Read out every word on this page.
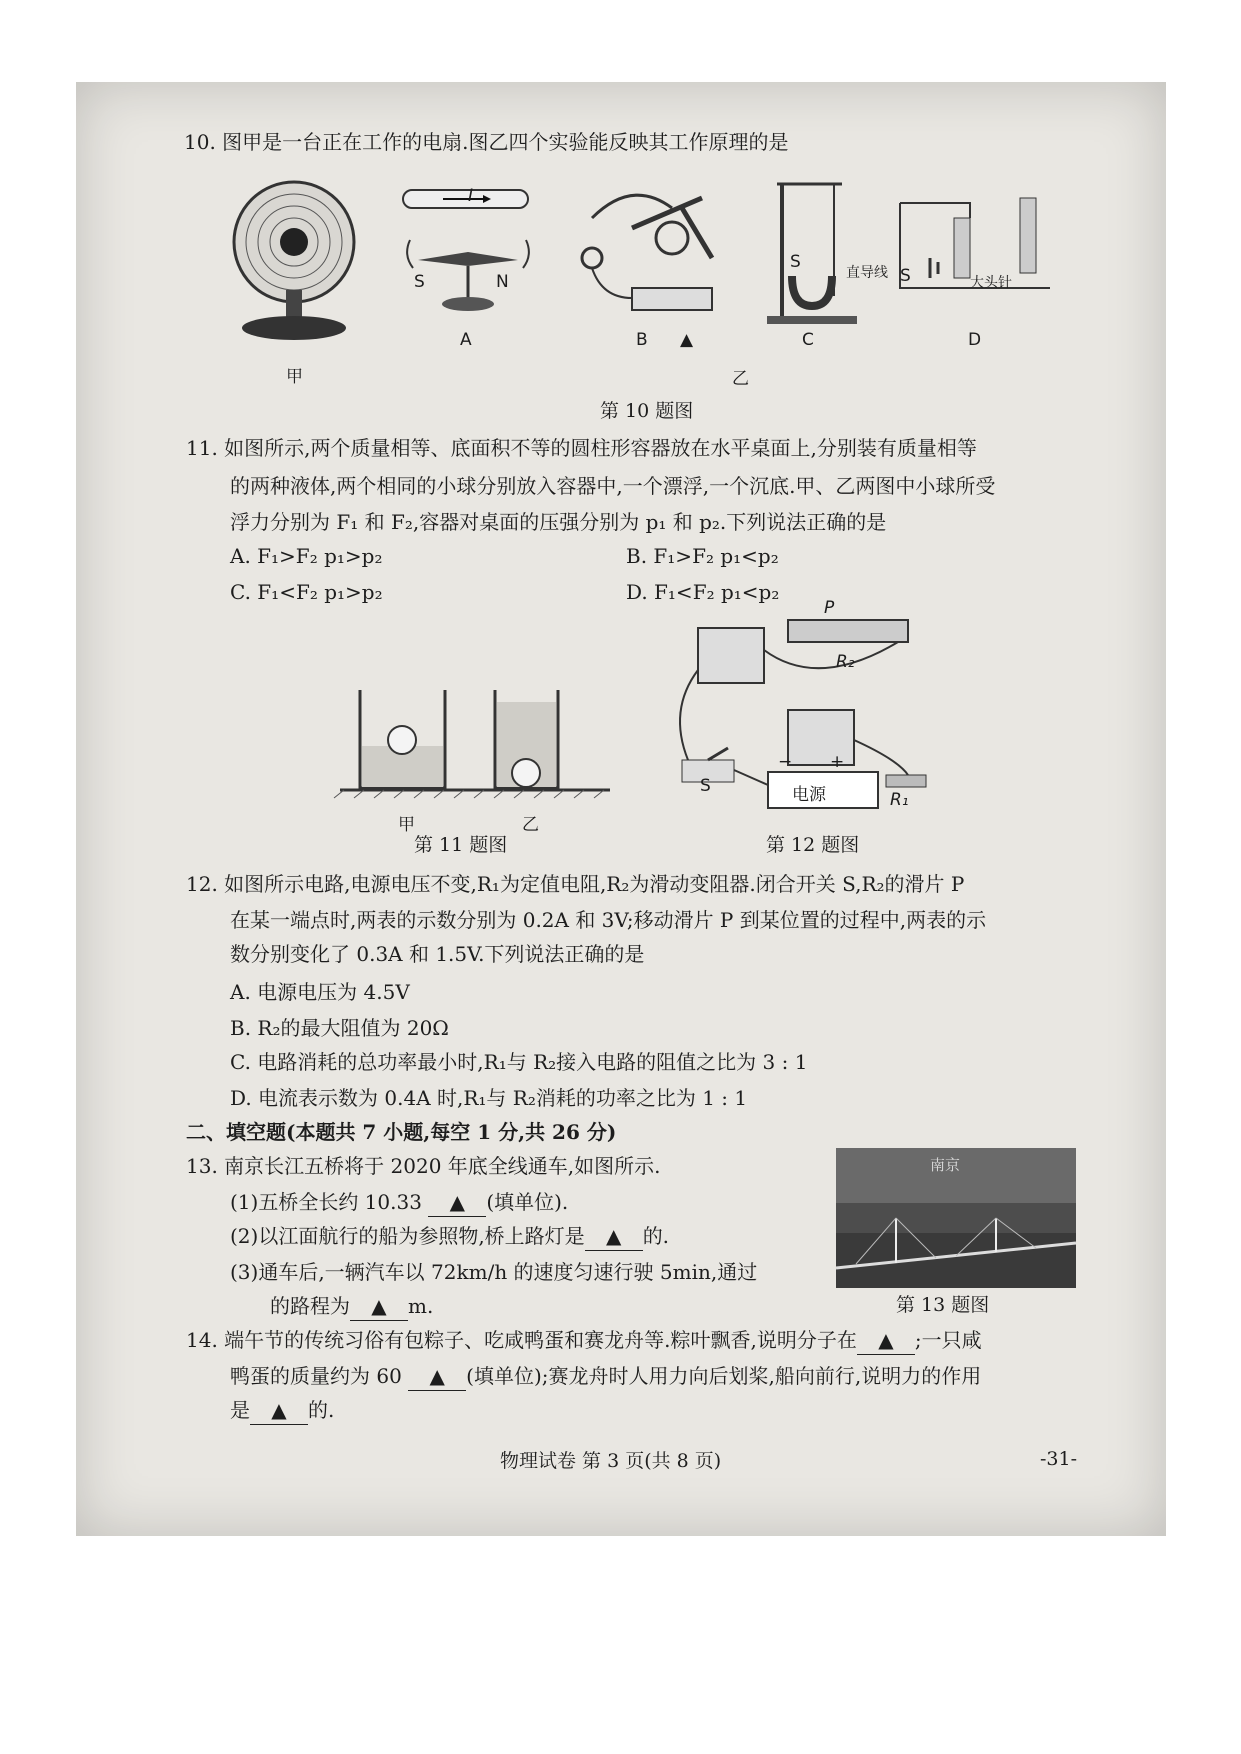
10. 图甲是一台正在工作的电扇.图乙四个实验能反映其工作原理的是
甲
I
S	N
A	B ▲
S
直导线
C
S	大头针
D
乙
第 10 题图
11. 如图所示,两个质量相等、底面积不等的圆柱形容器放在水平桌面上,分别装有质量相等
的两种液体,两个相同的小球分别放入容器中,一个漂浮,一个沉底.甲、乙两图中小球所受
浮力分别为 F₁ 和 F₂,容器对桌面的压强分别为 p₁ 和 p₂.下列说法正确的是
A. F₁>F₂ p₁>p₂	B. F₁>F₂ p₁<p₂
C. F₁<F₂ p₁>p₂	D. F₁<F₂ p₁<p₂
甲	乙
第 11 题图
P
R₂
S	电源
− +
R₁
第 12 题图
12. 如图所示电路,电源电压不变,R₁为定值电阻,R₂为滑动变阻器.闭合开关 S,R₂的滑片 P
在某一端点时,两表的示数分别为 0.2A 和 3V;移动滑片 P 到某位置的过程中,两表的示
数分别变化了 0.3A 和 1.5V.下列说法正确的是
A. 电源电压为 4.5V
B. R₂的最大阻值为 20Ω
C. 电路消耗的总功率最小时,R₁与 R₂接入电路的阻值之比为 3 : 1
D. 电流表示数为 0.4A 时,R₁与 R₂消耗的功率之比为 1 : 1
二、填空题(本题共 7 小题,每空 1 分,共 26 分)
13. 南京长江五桥将于 2020 年底全线通车,如图所示.
(1)五桥全长约 10.33 ▲ (填单位).
(2)以江面航行的船为参照物,桥上路灯是 ▲ 的.
(3)通车后,一辆汽车以 72km/h 的速度匀速行驶 5min,通过
的路程为 ▲ m.
南京
第 13 题图
14. 端午节的传统习俗有包粽子、吃咸鸭蛋和赛龙舟等.粽叶飘香,说明分子在 ▲ ;一只咸
鸭蛋的质量约为 60 ▲ (填单位);赛龙舟时人用力向后划桨,船向前行,说明力的作用
是 ▲ 的.
物理试卷 第 3 页(共 8 页)	-31-
